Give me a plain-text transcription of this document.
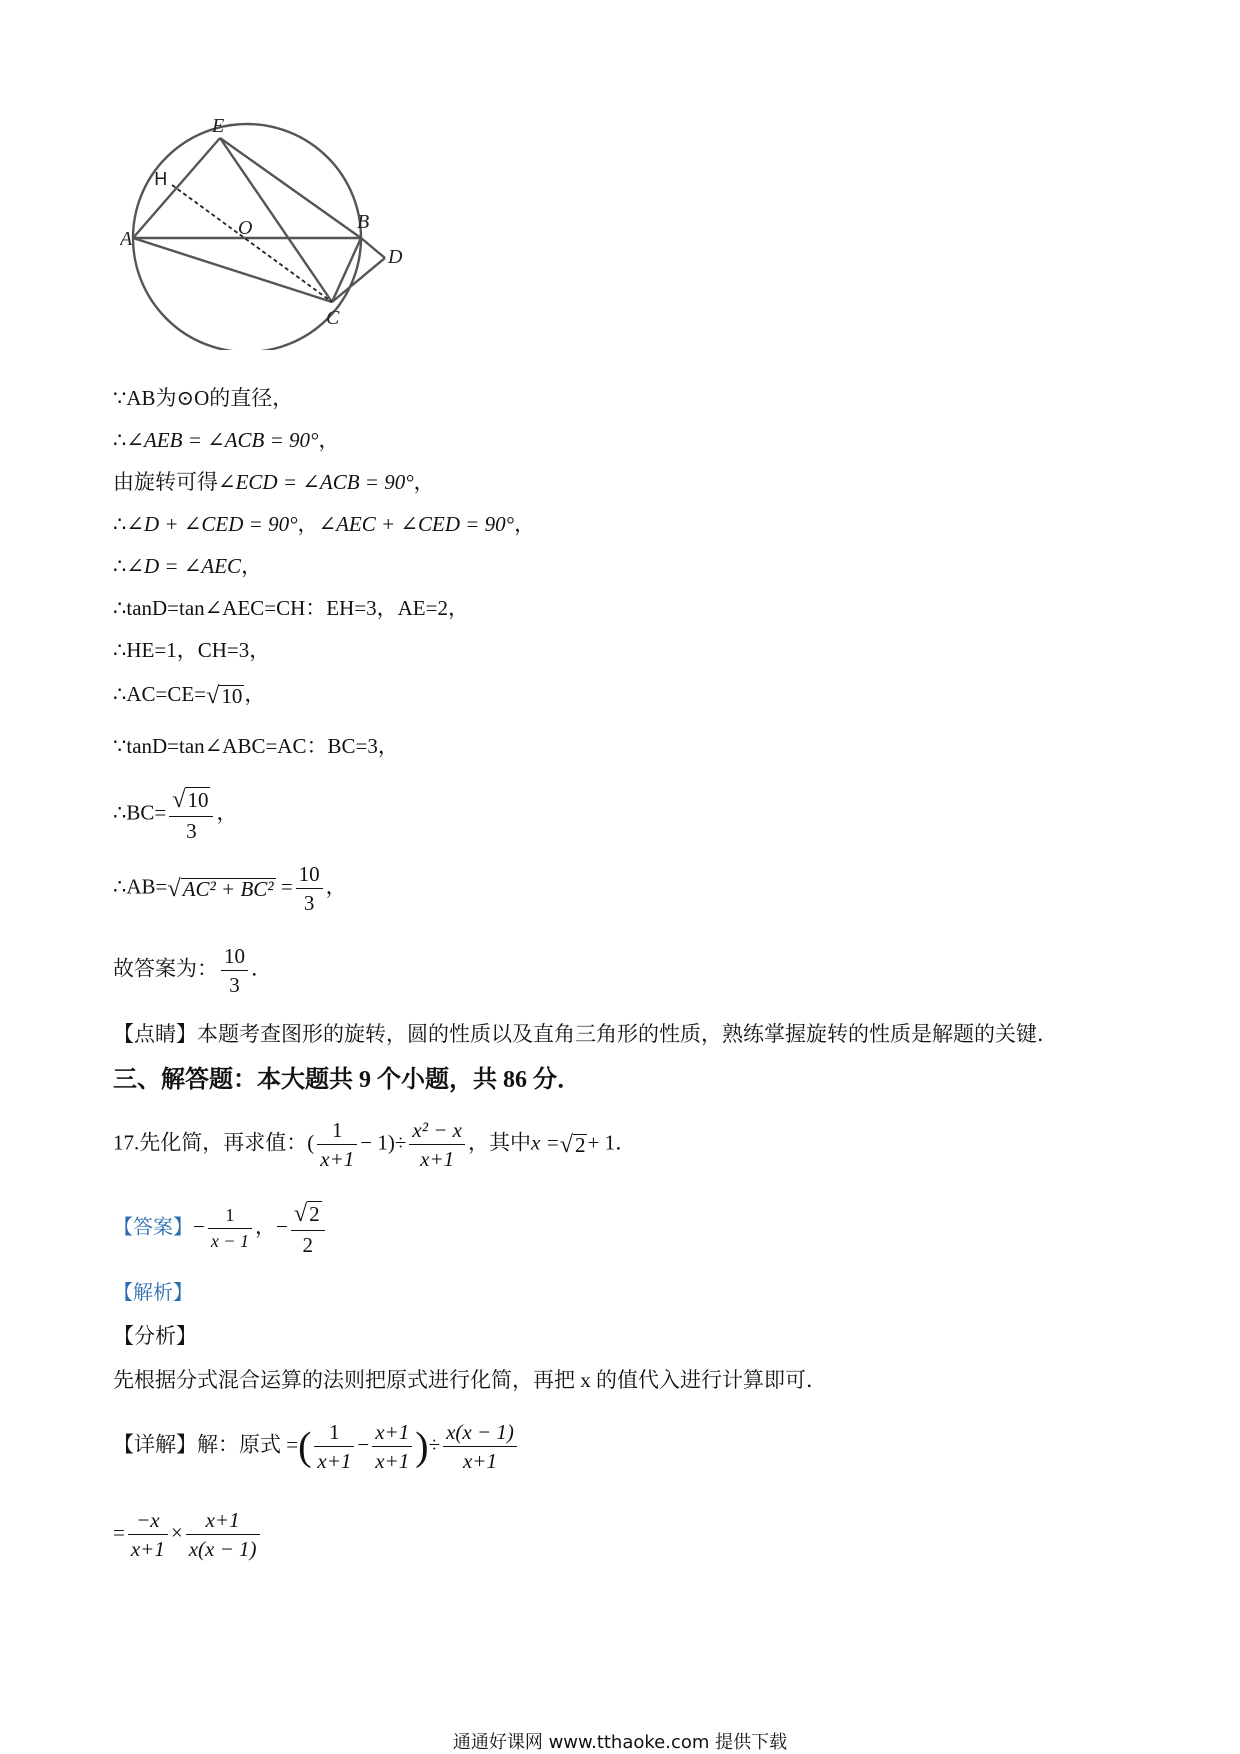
E
H
A	O	B
D
C
∵AB为⊙O的直径，
∴∠AEB = ∠ACB = 90°，
由旋转可得∠ECD = ∠ACB = 90°，
∴∠D + ∠CED = 90°，∠AEC + ∠CED = 90°，
∴∠D = ∠AEC，
∴tanD=tan∠AEC=CH：EH=3，AE=2，
∴HE=1，CH=3，
∴AC=CE=√10，
∵tanD=tan∠ABC=AC：BC=3，
∴BC= $\frac{√10}{3}$ ，
∴AB=√AC² + $BC^2 = \frac{10}{3}$ ，
故答案为： $\frac{10}{3}$ ．
【点睛】本题考查图形的旋转，圆的性质以及直角三角形的性质，熟练掌握旋转的性质是解题的关键．
三、解答题：本大题共 9 个小题，共 86 分．
17.先化简，再求值：( $\frac{1}{x+1} - 1)\div \frac{\text{x² − x}}{x+1}$ ，其中x =√2+ 1．
【答案】− $\frac{1}{x - 1}$ ，− $\frac{√2}{2}$
【解析】
【分析】
先根据分式混合运算的法则把原式进行化简，再把 x 的值代入进行计算即可．
【详解】解：原式 =( $\frac{1}{x+1} - \frac{x+1}{x+1}$ )÷ $\frac{x(x - 1)}{x+1}$
= $\frac{-x}{x+1} \times \frac{x+1}{x(x - 1)}$
通通好课网 www.tthaoke.com 提供下载
